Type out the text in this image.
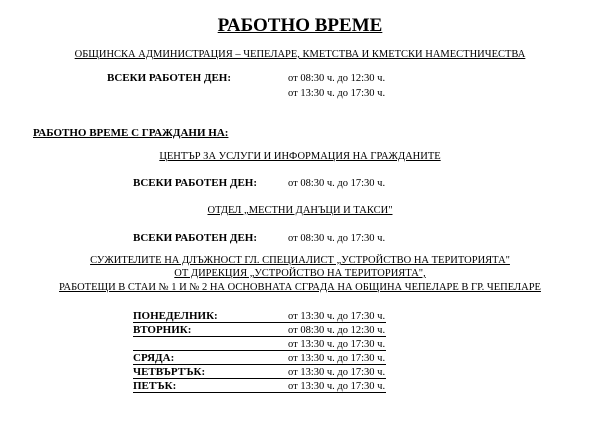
РАБОТНО ВРЕМЕ
ОБЩИНСКА АДМИНИСТРАЦИЯ – ЧЕПЕЛАРЕ, КМЕТСТВА И КМЕТСКИ НАМЕСТНИЧЕСТВА
ВСЕКИ РАБОТЕН ДЕН:	от 08:30 ч. до 12:30 ч.
от 13:30 ч. до 17:30 ч.
РАБОТНО ВРЕМЕ С ГРАЖДАНИ НА:
ЦЕНТЪР ЗА УСЛУГИ И ИНФОРМАЦИЯ НА ГРАЖДАНИТЕ
ВСЕКИ РАБОТЕН ДЕН:	от 08:30 ч. до 17:30 ч.
ОТДЕЛ „МЕСТНИ ДАНЪЦИ И ТАКСИ"
ВСЕКИ РАБОТЕН ДЕН:	от 08:30 ч. до 17:30 ч.
СУЖИТЕЛИТЕ НА ДЛЪЖНОСТ ГЛ. СПЕЦИАЛИСТ „УСТРОЙСТВО НА ТЕРИТОРИЯТА"
ОТ ДИРЕКЦИЯ „УСТРОЙСТВО НА ТЕРИТОРИЯТА",
РАБОТЕЩИ В СТАИ № 1 И № 2 НА ОСНОВНАТА СГРАДА НА ОБЩИНА ЧЕПЕЛАРЕ В ГР. ЧЕПЕЛАРЕ
ПОНЕДЕЛНИК:	от 13:30 ч. до 17:30 ч.
ВТОРНИК:	от 08:30 ч. до 12:30 ч.
от 13:30 ч. до 17:30 ч.
СРЯДА:	от 13:30 ч. до 17:30 ч.
ЧЕТВЪРТЪК:	от 13:30 ч. до 17:30 ч.
ПЕТЪК:	от 13:30 ч. до 17:30 ч.
